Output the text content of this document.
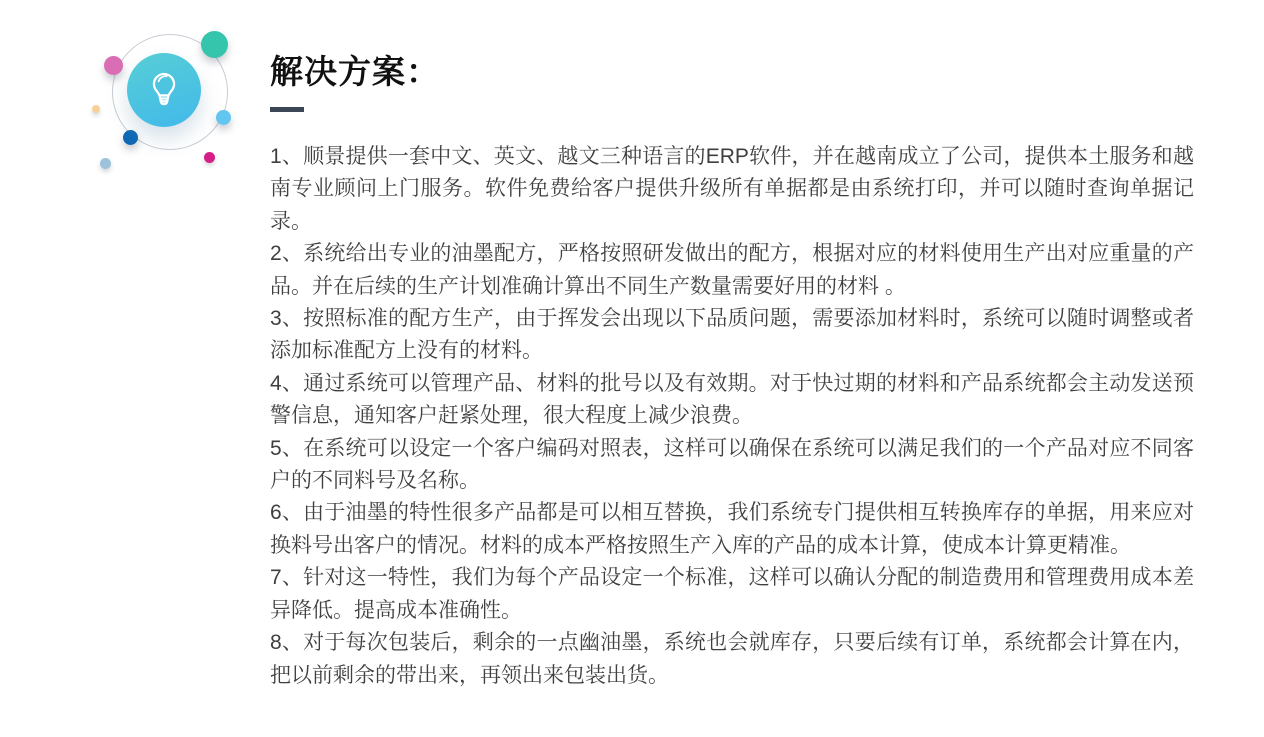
解决方案：

1、顺景提供一套中文、英文、越文三种语言的ERP软件，并在越南成立了公司，提供本土服务和越南专业顾问上门服务。软件免费给客户提供升级所有单据都是由系统打印，并可以随时查询单据记录。

2、系统给出专业的油墨配方，严格按照研发做出的配方，根据对应的材料使用生产出对应重量的产品。并在后续的生产计划准确计算出不同生产数量需要好用的材料 。

3、按照标准的配方生产，由于挥发会出现以下品质问题，需要添加材料时，系统可以随时调整或者添加标准配方上没有的材料。

4、通过系统可以管理产品、材料的批号以及有效期。对于快过期的材料和产品系统都会主动发送预警信息，通知客户赶紧处理，很大程度上减少浪费。

5、在系统可以设定一个客户编码对照表，这样可以确保在系统可以满足我们的一个产品对应不同客户的不同料号及名称。

6、由于油墨的特性很多产品都是可以相互替换，我们系统专门提供相互转换库存的单据，用来应对换料号出客户的情况。材料的成本严格按照生产入库的产品的成本计算，使成本计算更精准。

7、针对这一特性，我们为每个产品设定一个标准，这样可以确认分配的制造费用和管理费用成本差异降低。提高成本准确性。

8、对于每次包装后，剩余的一点幽油墨，系统也会就库存，只要后续有订单，系统都会计算在内，把以前剩余的带出来，再领出来包装出货。
